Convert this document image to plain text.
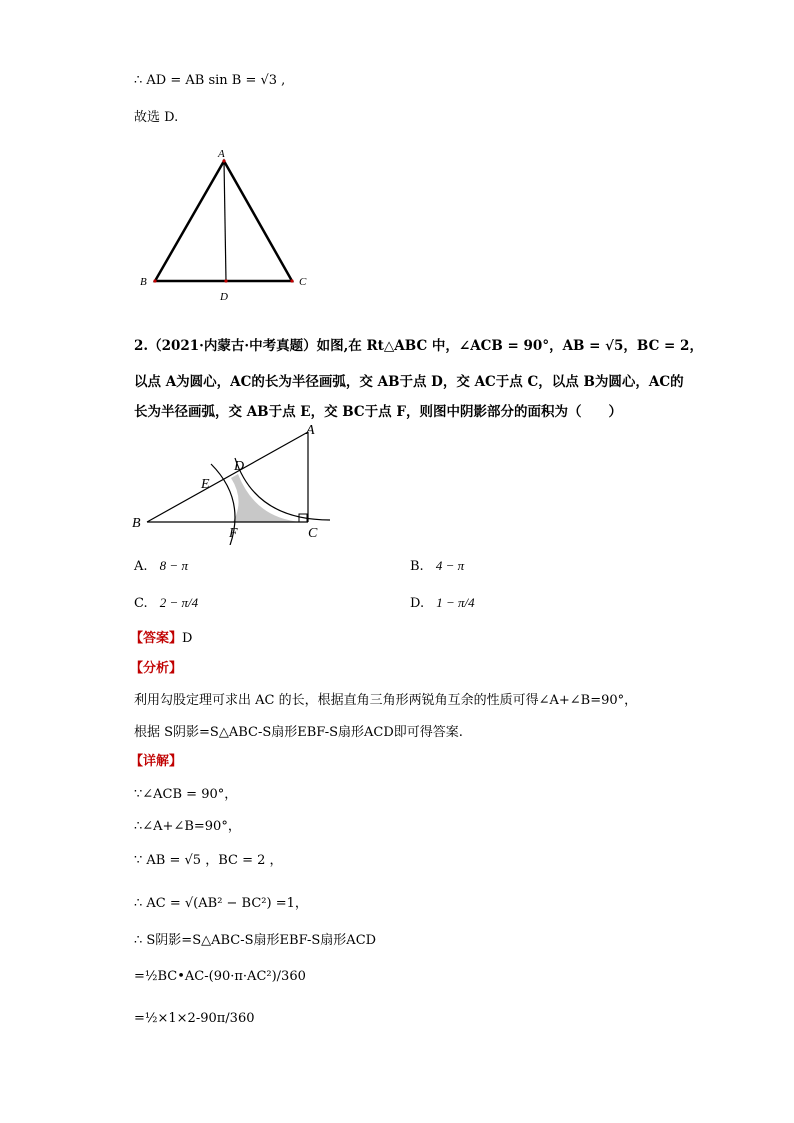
∴ AD = AB sin B = √3 ,
故选 D.
A
B	C
D
2.（2021·内蒙古·中考真题）如图,在 Rt△ABC 中，∠ACB = 90°，AB = √5，BC = 2，
以点 A为圆心，AC的长为半径画弧，交 AB于点 D，交 AC于点 C，以点 B为圆心，AC的
长为半径画弧，交 AB于点 E，交 BC于点 F，则图中阴影部分的面积为（　　）
A
B
C
D
E
F
A. 8 − π	B. 4 − π
C. 2 − π/4	D. 1 − π/4
【答案】D
【分析】
利用勾股定理可求出 AC 的长，根据直角三角形两锐角互余的性质可得∠A+∠B=90°，
根据 S阴影=S△ABC-S扇形EBF-S扇形ACD即可得答案.
【详解】
∵∠ACB = 90°，
∴∠A+∠B=90°，
∵ AB = √5 ，BC = 2 ，
∴ AC = √(AB² − BC²) =1，
∴ S阴影=S△ABC-S扇形EBF-S扇形ACD
=½BC•AC-(90·π·AC²)/360
=½×1×2-90π/360
